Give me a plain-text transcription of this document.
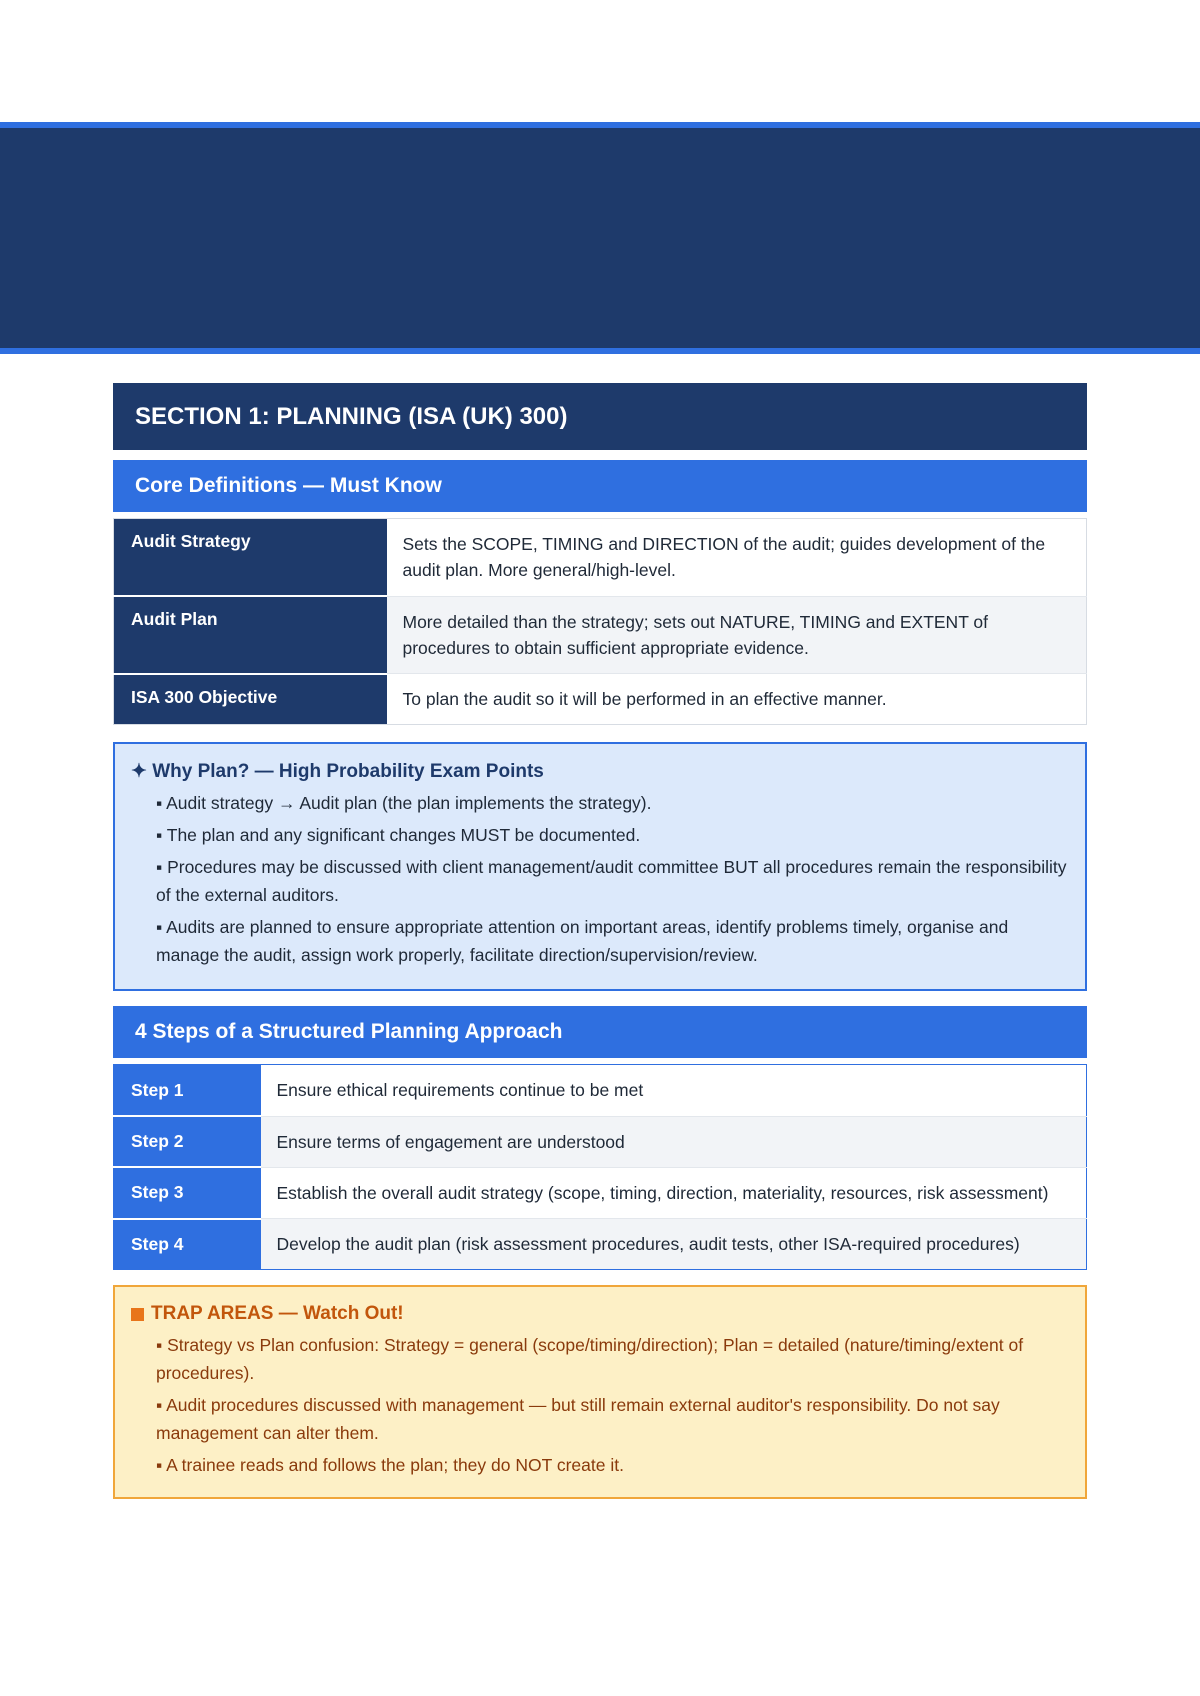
SECTION 1: PLANNING (ISA (UK) 300)
Core Definitions — Must Know
Audit Strategy	Sets the SCOPE, TIMING and DIRECTION of the audit; guides development of the audit plan. More general/high-level.
Audit Plan	More detailed than the strategy; sets out NATURE, TIMING and EXTENT of procedures to obtain sufficient appropriate evidence.
ISA 300 Objective	To plan the audit so it will be performed in an effective manner.
✦ Why Plan? — High Probability Exam Points
▪ Audit strategy → Audit plan (the plan implements the strategy).
▪ The plan and any significant changes MUST be documented.
▪ Procedures may be discussed with client management/audit committee BUT all procedures remain the responsibility of the external auditors.
▪ Audits are planned to ensure appropriate attention on important areas, identify problems timely, organise and manage the audit, assign work properly, facilitate direction/supervision/review.
4 Steps of a Structured Planning Approach
Step 1	Ensure ethical requirements continue to be met
Step 2	Ensure terms of engagement are understood
Step 3	Establish the overall audit strategy (scope, timing, direction, materiality, resources, risk assessment)
Step 4	Develop the audit plan (risk assessment procedures, audit tests, other ISA-required procedures)
TRAP AREAS — Watch Out!
▪ Strategy vs Plan confusion: Strategy = general (scope/timing/direction); Plan = detailed (nature/timing/extent of procedures).
▪ Audit procedures discussed with management — but still remain external auditor's responsibility. Do not say management can alter them.
▪ A trainee reads and follows the plan; they do NOT create it.
